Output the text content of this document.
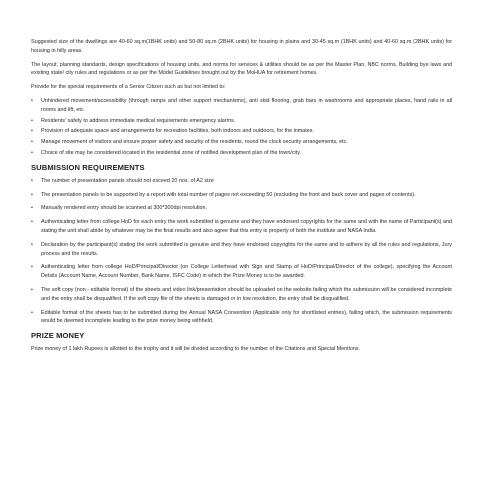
Suggested size of the dwellings are 40-60 sq.m(1BHK units) and 50-80 sq.m (2BHK units) for housing in plains and 30-45 sq.m (1BHK units) and 40-60 sq.m (2BHK units) for housing in hilly areas.

The layout, planning standards, design specifications of housing units, and norms for services & utilities should be as per the Master Plan, NBC norms, Building bye laws and existing state/ city rules and regulations or as per the Model Guidelines brought out by the MoHUA for retirement homes.

Provide for the special requirements of a Senior Citizen such as but not limited to:

• Unhindered movement/accessibility (through ramps and other support mechanisms), anti skid flooring, grab bars in washrooms and appropriate places, hand rails in all rooms and lift, etc.
• Residents' safety to address immediate medical requirements emergency alarms.
• Provision of adequate space and arrangements for recreation facilities, both indoors and outdoors, for the inmates.
• Manage movement of visitors and ensure proper safety and security of the residents, round the clock security arrangements, etc.
• Choice of site may be considered located in the residential zone of notified development plan of the town/city.
SUBMISSION REQUIREMENTS
• The number of presentation panels should not exceed 20 nos. of A2 size
• The presentation panels to be supported by a report with total number of pages not exceeding 50 (excluding the front and back cover and pages of contents).
• Manually rendered entry should be scanned at 300*300dpi resolution.
• Authenticating letter from college HoD for each entry the work submitted is genuine and they have endorsed copyrights for the same and with the name of Participant(s) and stating the unit shall abide by whatever may be the final results and also agree that this entry is property of both the institute and NASA India.
• Declaration by the participant(s) stating the work submitted is genuine and they have endorsed copyrights for the same and to adhere by all the rules and regulations, Jury process and the results.
• Authenticating letter from college HoD/Principal/Director (on College Letterhead with Sign and Stamp of HoD/Principal/Director of the college), specifying the Account Detsils (Account Name, Account Number, Bank Name, ISFC Code) in which the Prize Money is to be awarded.
• The soft copy (non - editable format) of the sheets and video link/presentation should be uploaded on the website failing which the submission will be considered incomplete and the entry shall be disqualified. If the soft copy file of the sheets is damaged or in low resolution, the entry shall be disqualified.
• Editable format of the sheets has to be submitted during the Annual NASA Convention (Applicable only for shortlisted entries), failing which, the submission requirements would be deemed incomplete leading to the prize money being withheld.
PRIZE MONEY

Prize money of 1 lakh Rupees is allotted to the trophy and it will be divided according to the number of the Citations and Special Mentions.
